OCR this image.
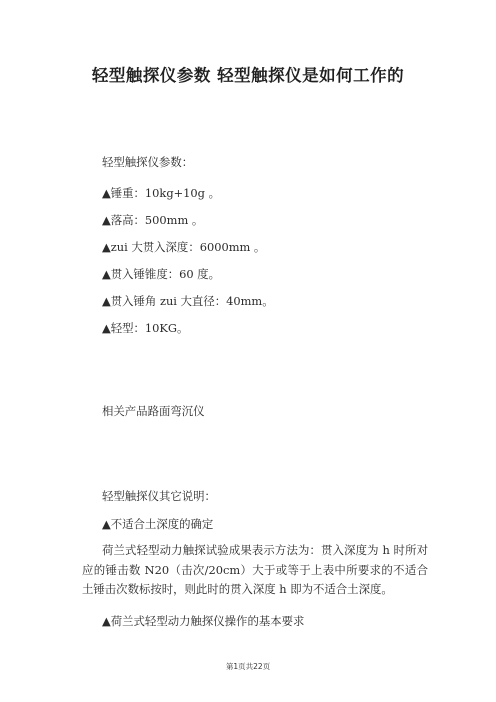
轻型触探仪参数 轻型触探仪是如何工作的
轻型触探仪参数：
▲锤重：10kg+10g 。
▲落高：500mm 。
▲zui 大贯入深度：6000mm 。
▲贯入锤锥度：60 度。
▲贯入锤角 zui 大直径：40mm。
▲轻型：10KG。
相关产品路面弯沉仪
轻型触探仪其它说明：
▲不适合土深度的确定
荷兰式轻型动力触探试验成果表示方法为：贯入深度为 h 时所对应的锤击数 N20（击次/20cm）大于或等于上表中所要求的不适合土锤击次数标按时，则此时的贯入深度 h 即为不适合土深度。
▲荷兰式轻型动力触探仪操作的基本要求
第1页共22页
